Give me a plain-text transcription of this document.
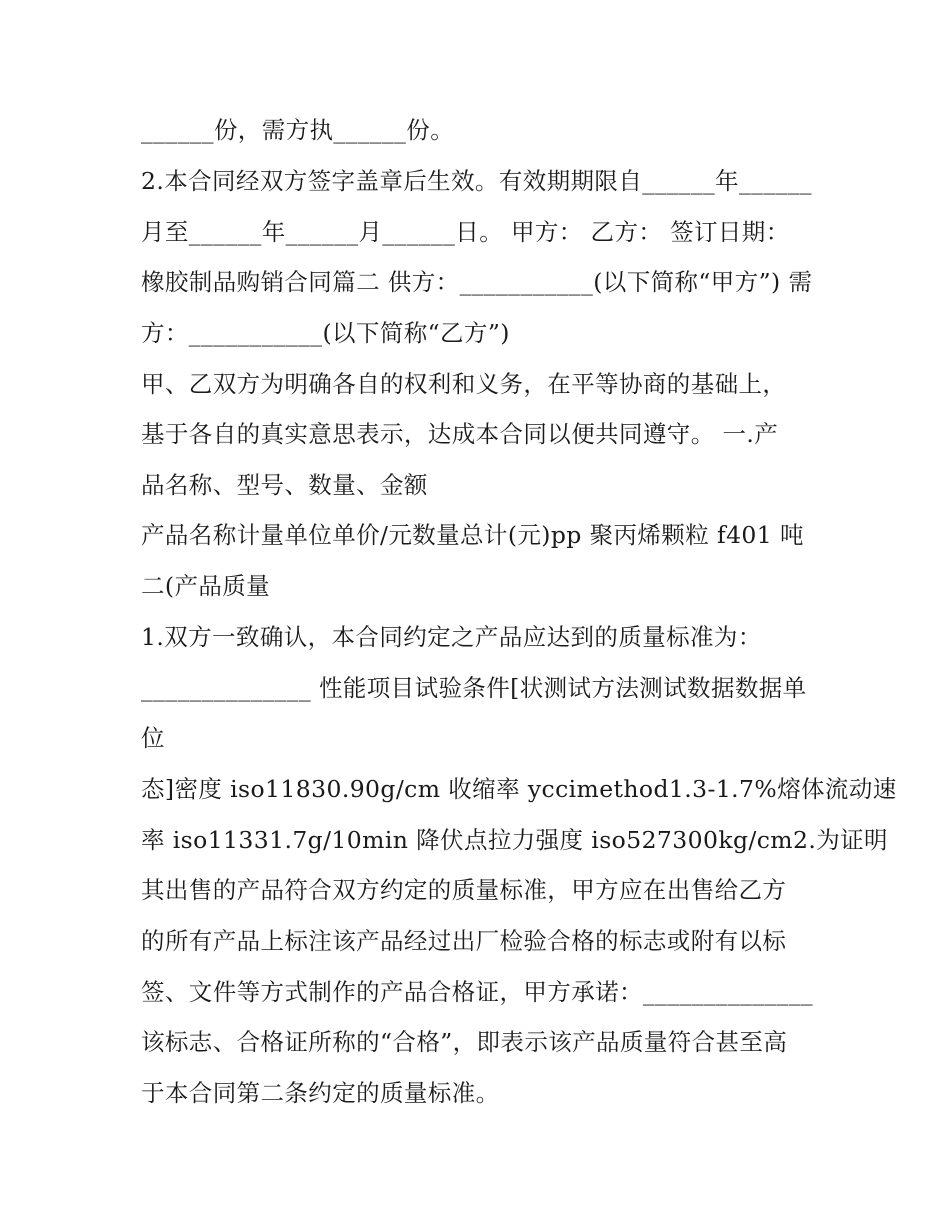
______份，需方执______份。
2.本合同经双方签字盖章后生效。有效期期限自______年______
月至______年______月______日。 甲方： 乙方： 签订日期：
橡胶制品购销合同篇二 供方：___________(以下简称“甲方”) 需
方：___________(以下简称“乙方”)
甲、乙双方为明确各自的权利和义务，在平等协商的基础上，
基于各自的真实意思表示，达成本合同以便共同遵守。 一.产
品名称、型号、数量、金额
产品名称计量单位单价/元数量总计(元)pp 聚丙烯颗粒 f401 吨
二(产品质量
1.双方一致确认，本合同约定之产品应达到的质量标准为：
______________ 性能项目试验条件[状测试方法测试数据数据单
位
态]密度 iso11830.90g/cm 收缩率 yccimethod1.3-1.7%熔体流动速
率 iso11331.7g/10min 降伏点拉力强度 iso527300kg/cm2.为证明
其出售的产品符合双方约定的质量标准，甲方应在出售给乙方
的所有产品上标注该产品经过出厂检验合格的标志或附有以标
签、文件等方式制作的产品合格证，甲方承诺：______________
该标志、合格证所称的“合格”，即表示该产品质量符合甚至高
于本合同第二条约定的质量标准。
